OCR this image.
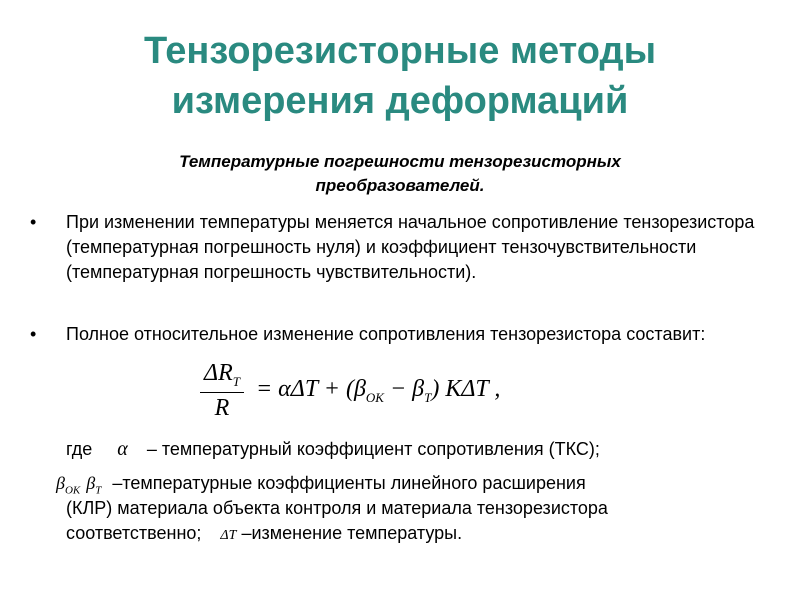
Тензорезисторные методы
измерения деформаций
Температурные погрешности тензорезисторных
преобразователей.
• При изменении температуры меняется начальное сопротивление тензорезистора (температурная погрешность нуля) и коэффициент тензочувствительности (температурная погрешность чувствительности).
• Полное относительное изменение сопротивления тензорезистора составит:
$\frac{\Delta R_T}{R} = \alpha\Delta T + (\beta_{ОК} - \beta_T)$ KΔT ,
где α – температурный коэффициент сопротивления (ТКС);
$\beta_{ОК}$ $\beta_Т$ –температурные коэффициенты линейного расширения
(КЛР) материала объекта контроля и материала тензорезистора
соответственно; ΔT –изменение температуры.
